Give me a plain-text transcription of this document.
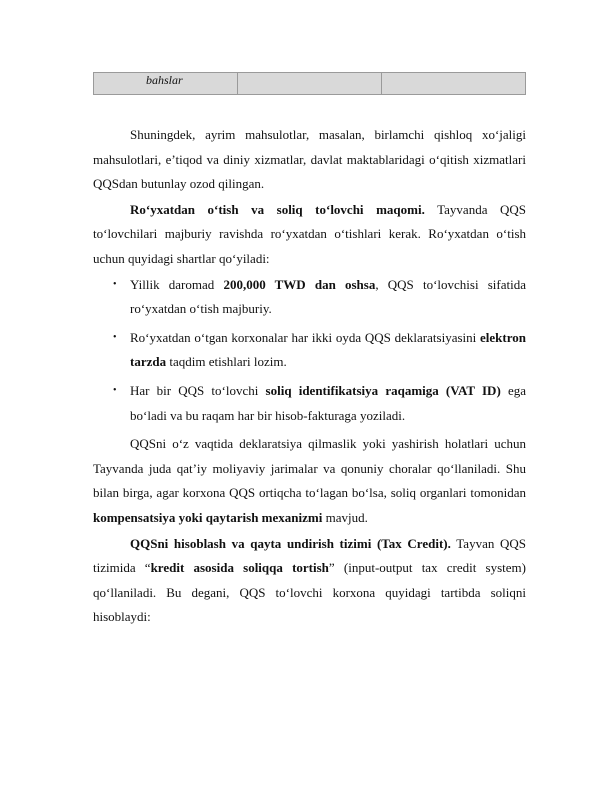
bahslar

Shuningdek, ayrim mahsulotlar, masalan, birlamchi qishloq xo‘jaligi mahsulotlari, e’tiqod va diniy xizmatlar, davlat maktablaridagi o‘qitish xizmatlari QQSdan butunlay ozod qilingan.

Ro‘yxatdan o‘tish va soliq to‘lovchi maqomi. Tayvanda QQS to‘lovchilari majburiy ravishda ro‘yxatdan o‘tishlari kerak. Ro‘yxatdan o‘tish uchun quyidagi shartlar qo‘yiladi:

• Yillik daromad 200,000 TWD dan oshsa, QQS to‘lovchisi sifatida ro‘yxatdan o‘tish majburiy.
• Ro‘yxatdan o‘tgan korxonalar har ikki oyda QQS deklaratsiyasini elektron tarzda taqdim etishlari lozim.
• Har bir QQS to‘lovchi soliq identifikatsiya raqamiga (VAT ID) ega bo‘ladi va bu raqam har bir hisob-fakturaga yoziladi.

QQSni o‘z vaqtida deklaratsiya qilmaslik yoki yashirish holatlari uchun Tayvanda juda qat’iy moliyaviy jarimalar va qonuniy choralar qo‘llaniladi. Shu bilan birga, agar korxona QQS ortiqcha to‘lagan bo‘lsa, soliq organlari tomonidan kompensatsiya yoki qaytarish mexanizmi mavjud.

QQSni hisoblash va qayta undirish tizimi (Tax Credit). Tayvan QQS tizimida “kredit asosida soliqqa tortish” (input-output tax credit system) qo‘llaniladi. Bu degani, QQS to‘lovchi korxona quyidagi tartibda soliqni hisoblaydi:
